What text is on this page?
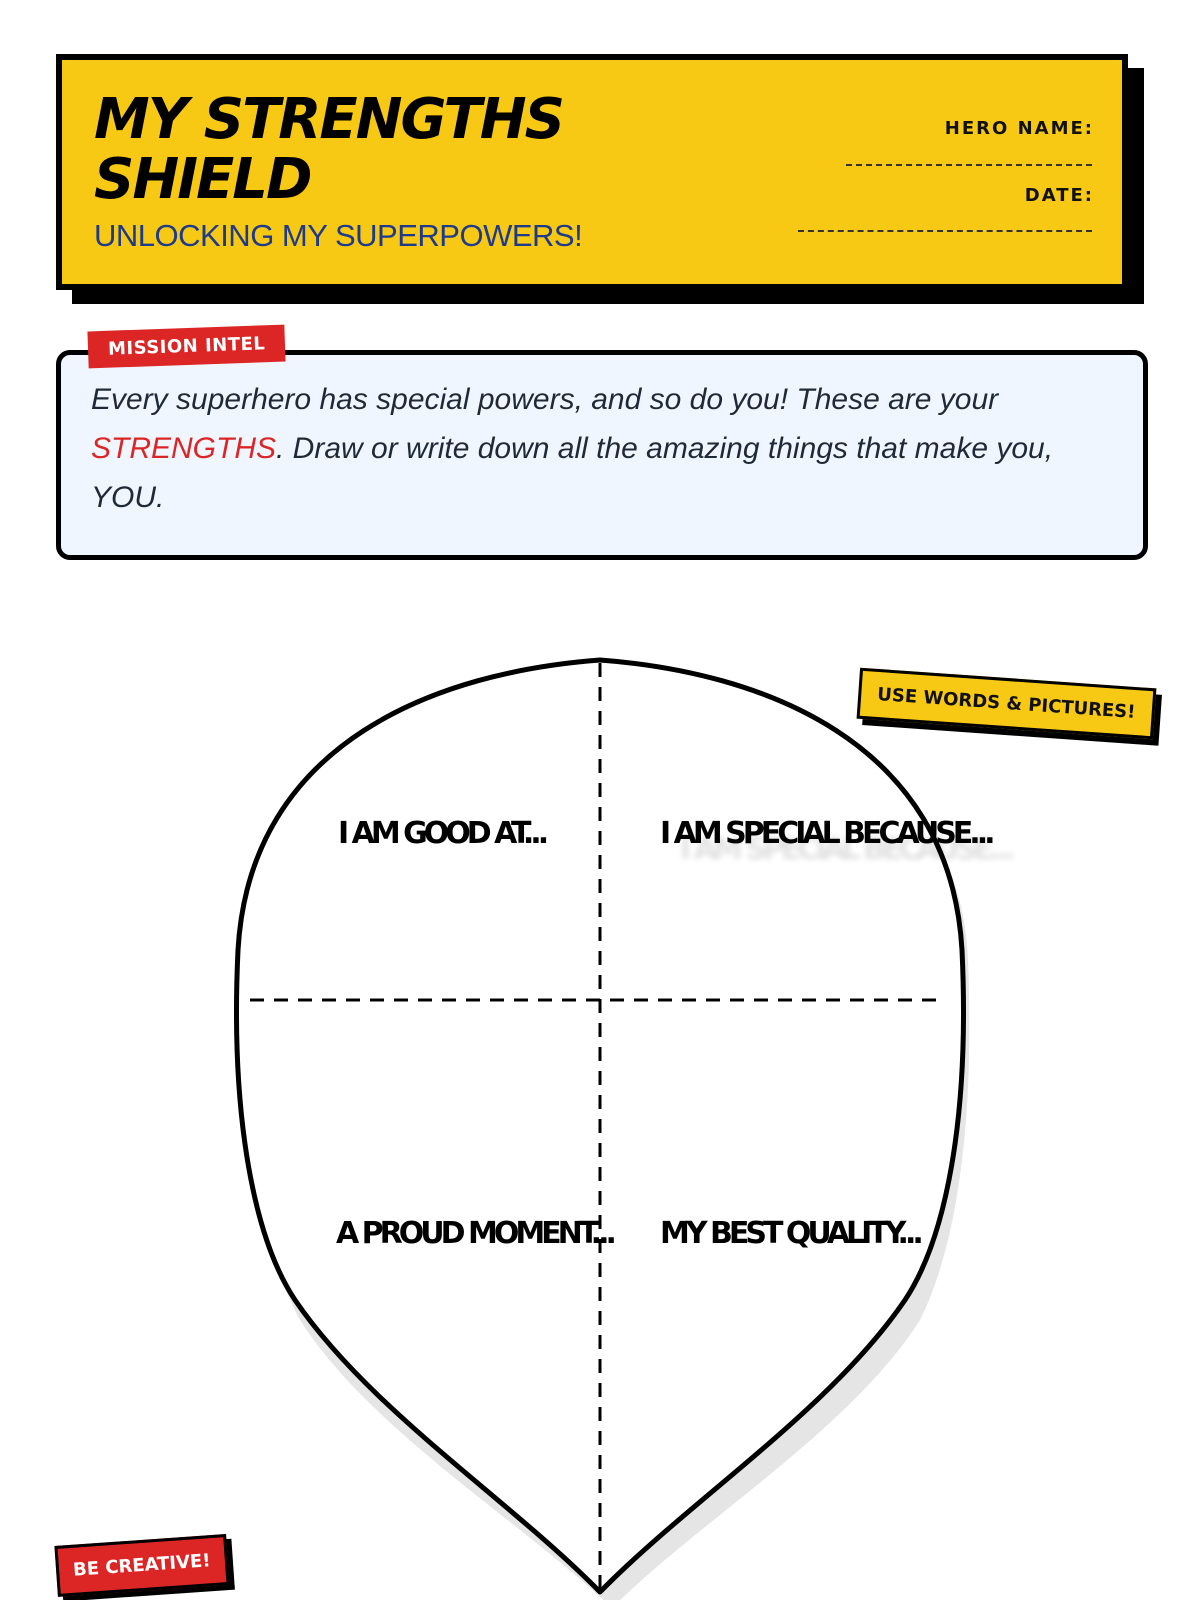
MY STRENGTHS SHIELD
UNLOCKING MY SUPERPOWERS!
HERO NAME:
DATE:

Every superhero has special powers, and so do you! These are your STRENGTHS. Draw or write down all the amazing things that make you, YOU.

MISSION INTEL
I AM GOOD AT...	I AM SPECIAL BECAUSE...
A PROUD MOMENT... MY BEST QUALITY...
USE WORDS & PICTURES!
BE CREATIVE!
